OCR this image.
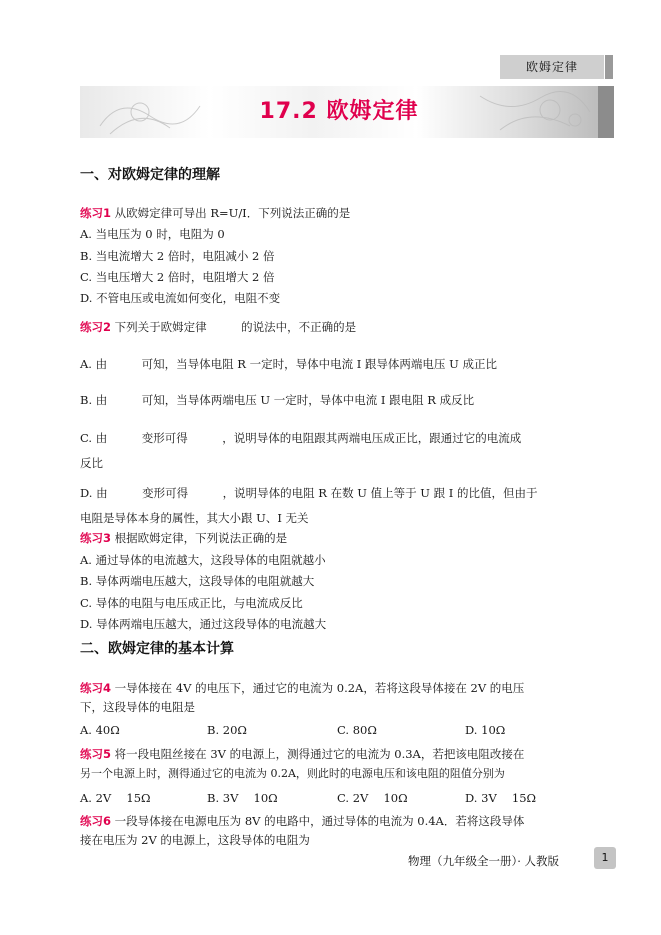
欧姆定律
17.2 欧姆定律
一、对欧姆定律的理解
练习1 从欧姆定律可导出 R=U/I．下列说法正确的是
A. 当电压为 0 时，电阻为 0
B. 当电流增大 2 倍时，电阻减小 2 倍
C. 当电压增大 2 倍时，电阻增大 2 倍
D. 不管电压或电流如何变化，电阻不变
练习2 下列关于欧姆定律　　　的说法中，不正确的是
A. 由　　　可知，当导体电阻 R 一定时，导体中电流 I 跟导体两端电压 U 成正比
B. 由　　　可知，当导体两端电压 U 一定时，导体中电流 I 跟电阻 R 成反比
C. 由　　　变形可得　　　，说明导体的电阻跟其两端电压成正比，跟通过它的电流成
反比
D. 由　　　变形可得　　　，说明导体的电阻 R 在数 U 值上等于 U 跟 I 的比值，但由于
电阻是导体本身的属性，其大小跟 U、I 无关
练习3 根据欧姆定律，下列说法正确的是
A. 通过导体的电流越大，这段导体的电阻就越小
B. 导体两端电压越大，这段导体的电阻就越大
C. 导体的电阻与电压成正比，与电流成反比
D. 导体两端电压越大，通过这段导体的电流越大
二、欧姆定律的基本计算
练习4 一导体接在 4V 的电压下，通过它的电流为 0.2A，若将这段导体接在 2V 的电压
下，这段导体的电阻是
A. 40Ω	B. 20Ω	C. 80Ω	D. 10Ω
练习5 将一段电阻丝接在 3V 的电源上，测得通过它的电流为 0.3A，若把该电阻改接在
另一个电源上时，测得通过它的电流为 0.2A，则此时的电源电压和该电阻的阻值分别为
A. 2V　 15Ω	B. 3V　 10Ω	C. 2V　 10Ω	D. 3V　 15Ω
练习6 一段导体接在电源电压为 8V 的电路中，通过导体的电流为 0.4A．若将这段导体
接在电压为 2V 的电源上，这段导体的电阻为
物理（九年级全一册）· 人教版	1
